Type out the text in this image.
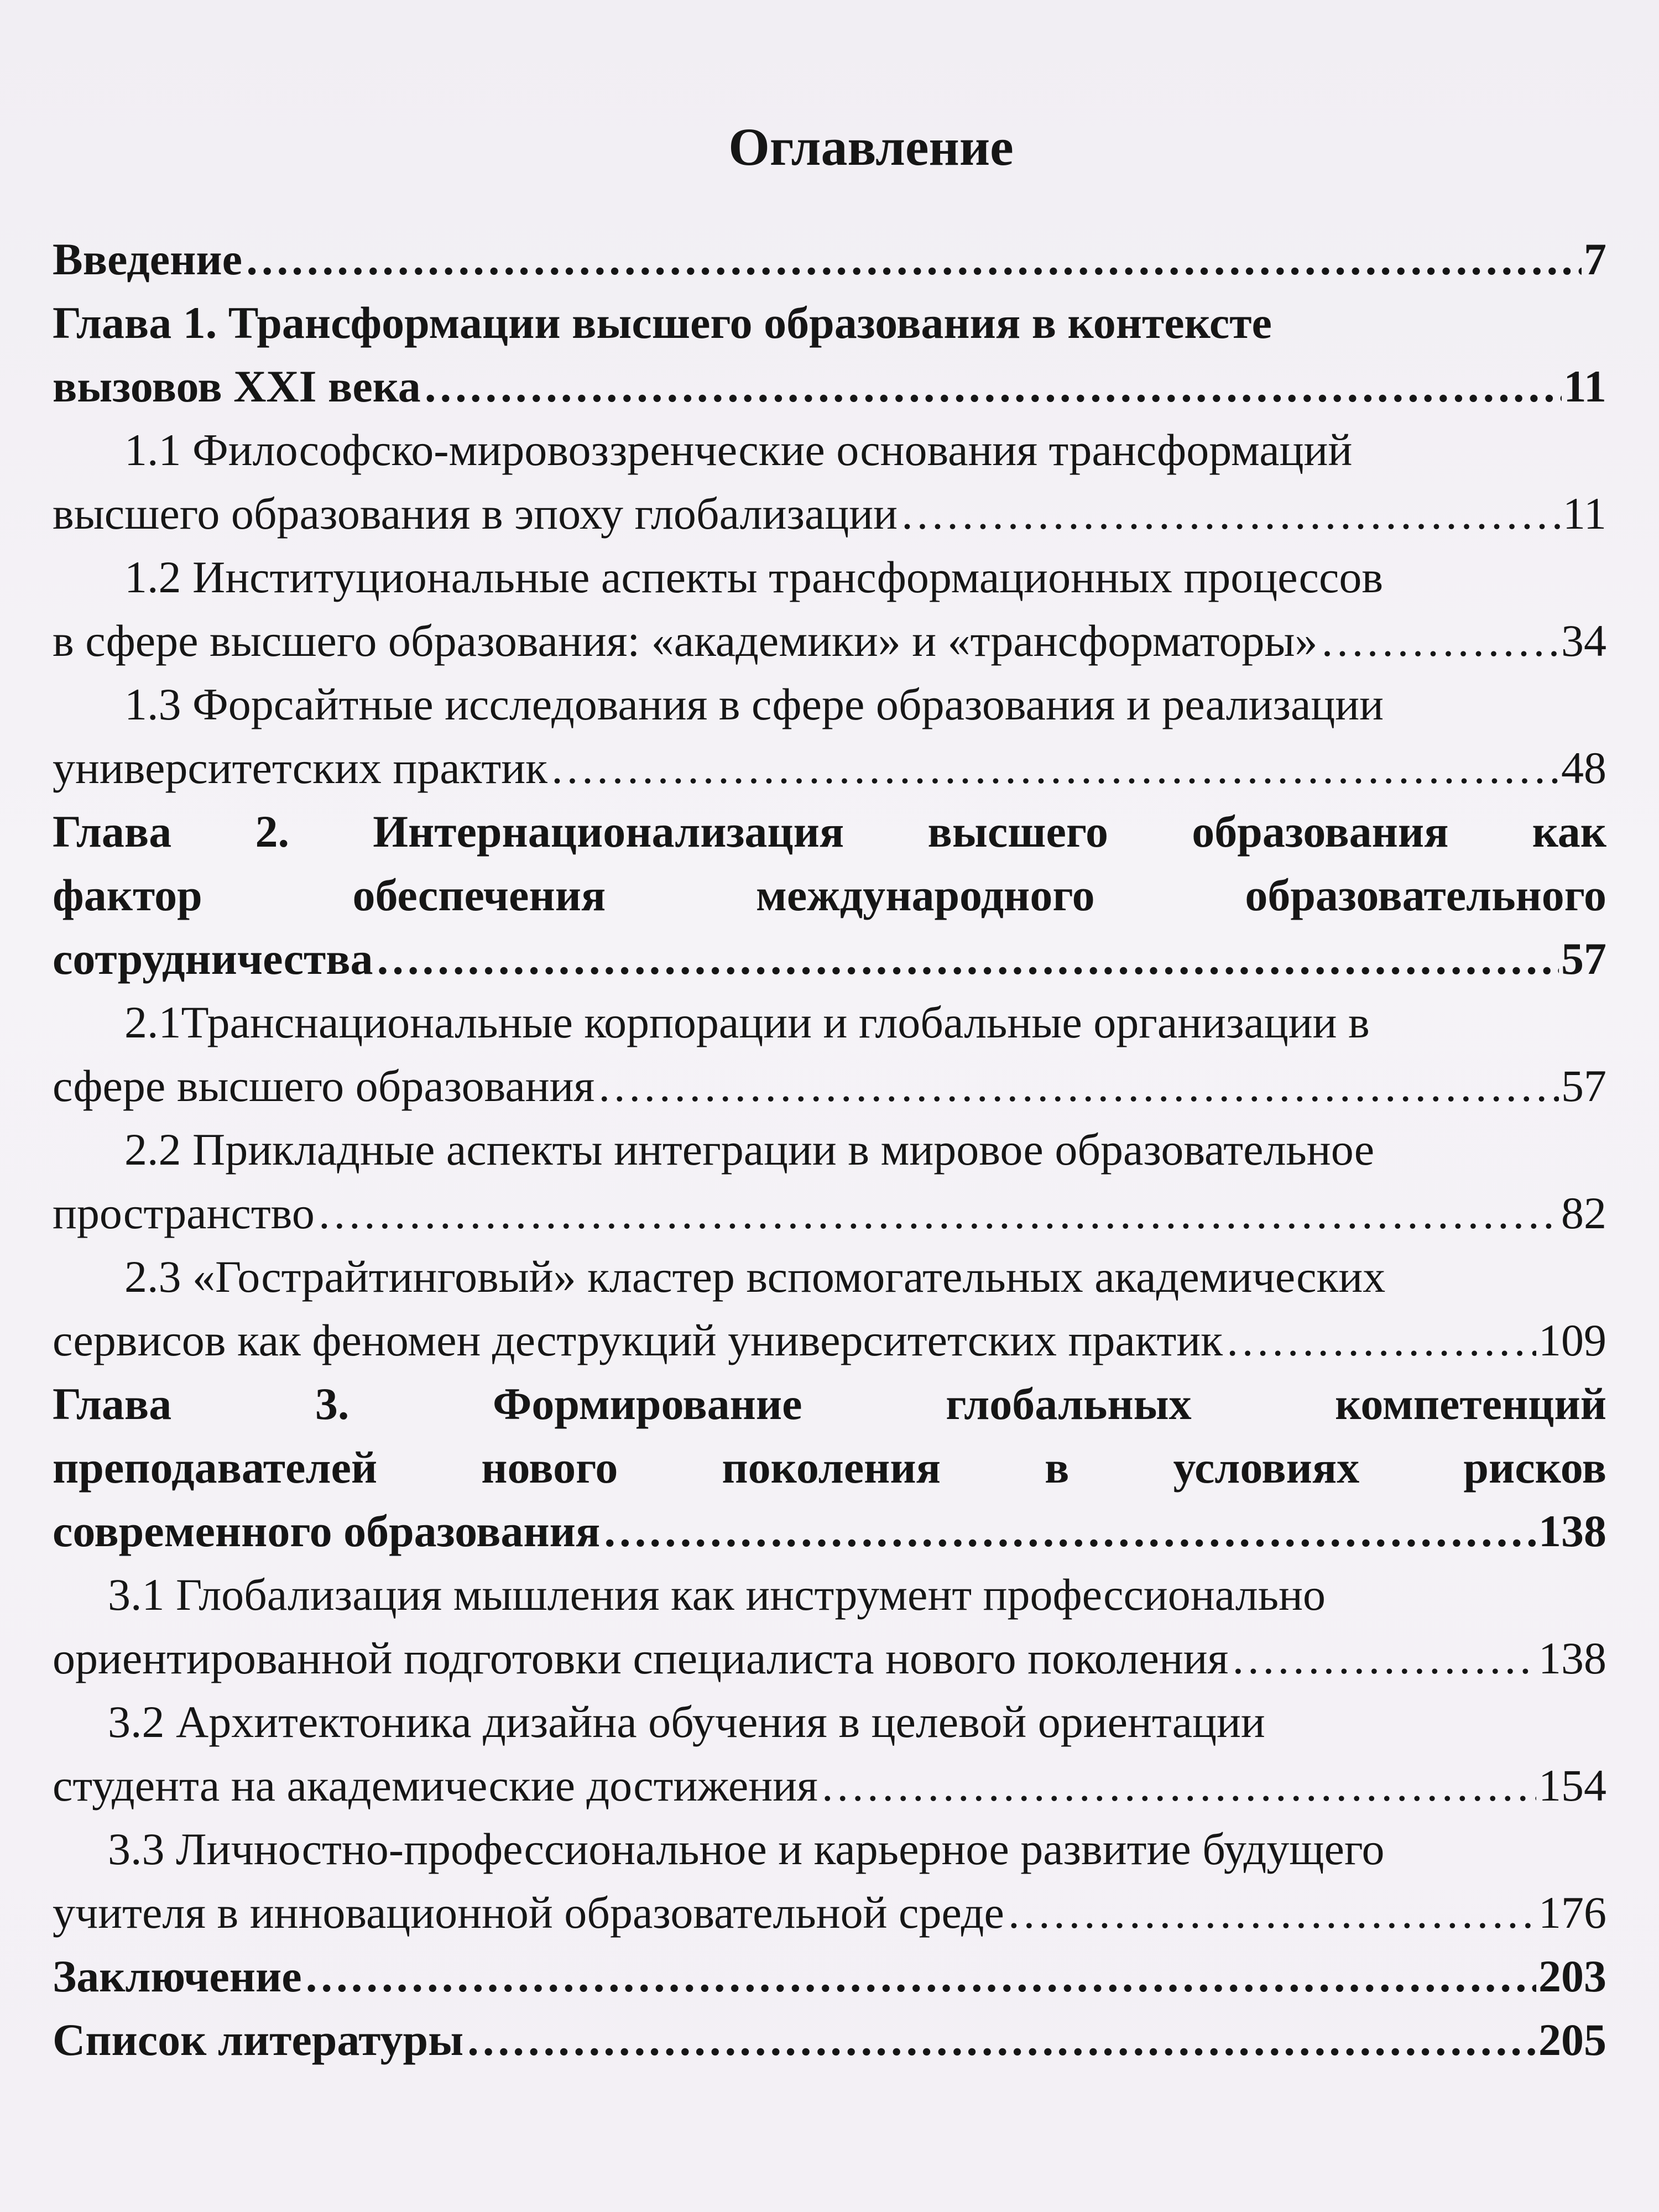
Оглавление
Введение ………………………………………………………………………………………………………………………………………………………………………………………………………………………………………………………………………	7
Глава 1. Трансформации высшего образования в контексте
вызовов XXI века ………………………………………………………………………………………………………………………………………………………………………………………………………………………………………………………………………	11
1.1 Философско-мировоззренческие основания трансформаций
высшего образования в эпоху глобализации ………………………………………………………………………………………………………………………………………………………………………………………………………………………………………………………………………	11
1.2 Институциональные аспекты трансформационных процессов
в сфере высшего образования: «академики» и «трансформаторы» ………………………………………………………………………………………………………………………………………………………………………………………………………………………………………………………………………	34
1.3 Форсайтные исследования в сфере образования и реализации
университетских практик ………………………………………………………………………………………………………………………………………………………………………………………………………………………………………………………………………	48
Глава 2. Интернационализация высшего образования как
фактор обеспечения международного образовательного
сотрудничества ………………………………………………………………………………………………………………………………………………………………………………………………………………………………………………………………………	57
2.1Транснациональные корпорации и глобальные организации в
сфере высшего образования ………………………………………………………………………………………………………………………………………………………………………………………………………………………………………………………………………	57
2.2 Прикладные аспекты интеграции в мировое образовательное
пространство ………………………………………………………………………………………………………………………………………………………………………………………………………………………………………………………………………	82
2.3 «Гострайтинговый» кластер вспомогательных академических
сервисов как феномен деструкций университетских практик ………………………………………………………………………………………………………………………………………………………………………………………………………………………………………………………………………	109
Глава 3. Формирование глобальных компетенций
преподавателей нового поколения в условиях рисков
современного образования ………………………………………………………………………………………………………………………………………………………………………………………………………………………………………………………………………	138
3.1 Глобализация мышления как инструмент профессионально
ориентированной подготовки специалиста нового поколения ………………………………………………………………………………………………………………………………………………………………………………………………………………………………………………………………………	138
3.2 Архитектоника дизайна обучения в целевой ориентации
студента на академические достижения ………………………………………………………………………………………………………………………………………………………………………………………………………………………………………………………………………	154
3.3 Личностно-профессиональное и карьерное развитие будущего
учителя в инновационной образовательной среде ………………………………………………………………………………………………………………………………………………………………………………………………………………………………………………………………………	176
Заключение ………………………………………………………………………………………………………………………………………………………………………………………………………………………………………………………………………	203
Список литературы ………………………………………………………………………………………………………………………………………………………………………………………………………………………………………………………………………	205
